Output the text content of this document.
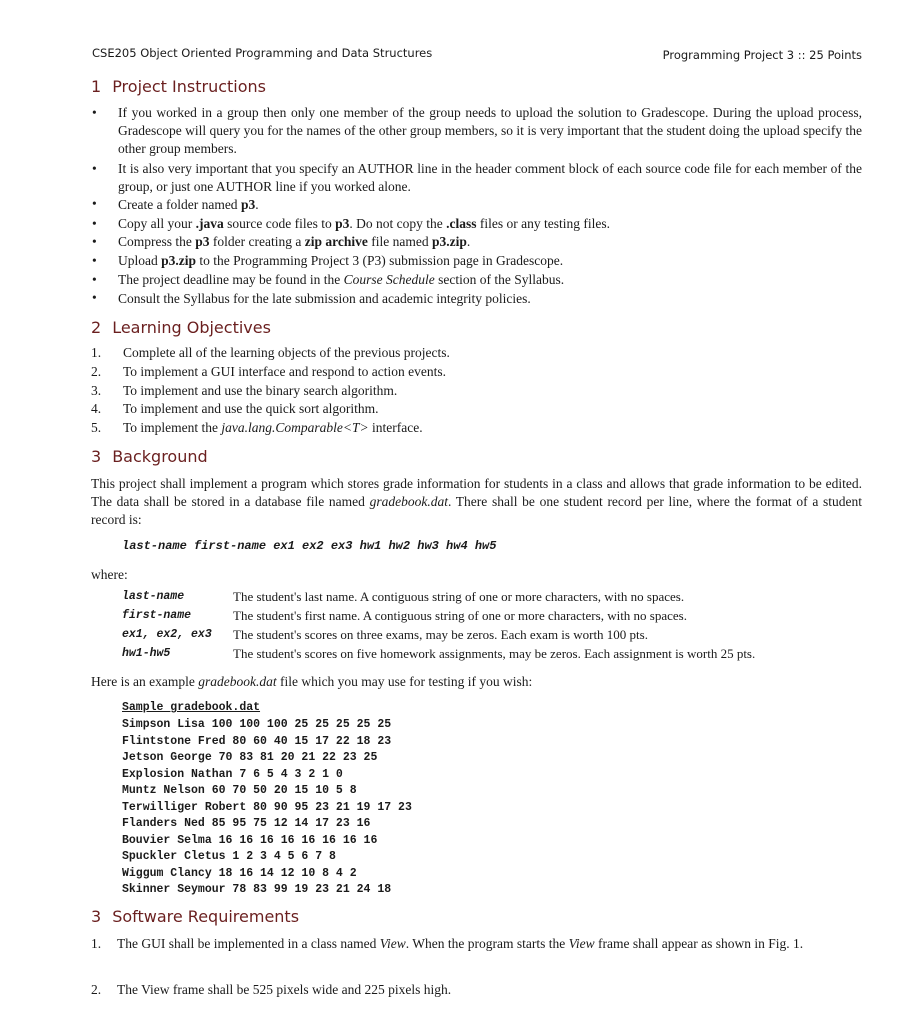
CSE205 Object Oriented Programming and Data Structures	Programming Project 3 :: 25 Points
1 Project Instructions
• If you worked in a group then only one member of the group needs to upload the solution to Gradescope. During the upload process, Gradescope will query you for the names of the other group members, so it is very important that the student doing the upload specify the other group members.
• It is also very important that you specify an AUTHOR line in the header comment block of each source code file for each member of the group, or just one AUTHOR line if you worked alone.
• Create a folder named p3.
• Copy all your .java source code files to p3. Do not copy the .class files or any testing files.
• Compress the p3 folder creating a zip archive file named p3.zip.
• Upload p3.zip to the Programming Project 3 (P3) submission page in Gradescope.
• The project deadline may be found in the Course Schedule section of the Syllabus.
• Consult the Syllabus for the late submission and academic integrity policies.
2 Learning Objectives
1. Complete all of the learning objects of the previous projects.
2. To implement a GUI interface and respond to action events.
3. To implement and use the binary search algorithm.
4. To implement and use the quick sort algorithm.
5. To implement the java.lang.Comparable<T> interface.
3 Background
This project shall implement a program which stores grade information for students in a class and allows that grade information to be edited. The data shall be stored in a database file named gradebook.dat. There shall be one student record per line, where the format of a student record is:
last-name first-name ex1 ex2 ex3 hw1 hw2 hw3 hw4 hw5
where:
last-name	The student's last name. A contiguous string of one or more characters, with no spaces.
first-name	The student's first name. A contiguous string of one or more characters, with no spaces.
ex1, ex2, ex3 The student's scores on three exams, may be zeros. Each exam is worth 100 pts.
hw1-hw5	The student's scores on five homework assignments, may be zeros. Each assignment is worth 25 pts.
Here is an example gradebook.dat file which you may use for testing if you wish:
Sample gradebook.dat
Simpson Lisa 100 100 100 25 25 25 25 25
Flintstone Fred 80 60 40 15 17 22 18 23
Jetson George 70 83 81 20 21 22 23 25
Explosion Nathan 7 6 5 4 3 2 1 0
Muntz Nelson 60 70 50 20 15 10 5 8
Terwilliger Robert 80 90 95 23 21 19 17 23
Flanders Ned 85 95 75 12 14 17 23 16
Bouvier Selma 16 16 16 16 16 16 16 16
Spuckler Cletus 1 2 3 4 5 6 7 8
Wiggum Clancy 18 16 14 12 10 8 4 2
Skinner Seymour 78 83 99 19 23 21 24 18
3 Software Requirements
1. The GUI shall be implemented in a class named View. When the program starts the View frame shall appear as shown in Fig. 1.
2. The View frame shall be 525 pixels wide and 225 pixels high.
